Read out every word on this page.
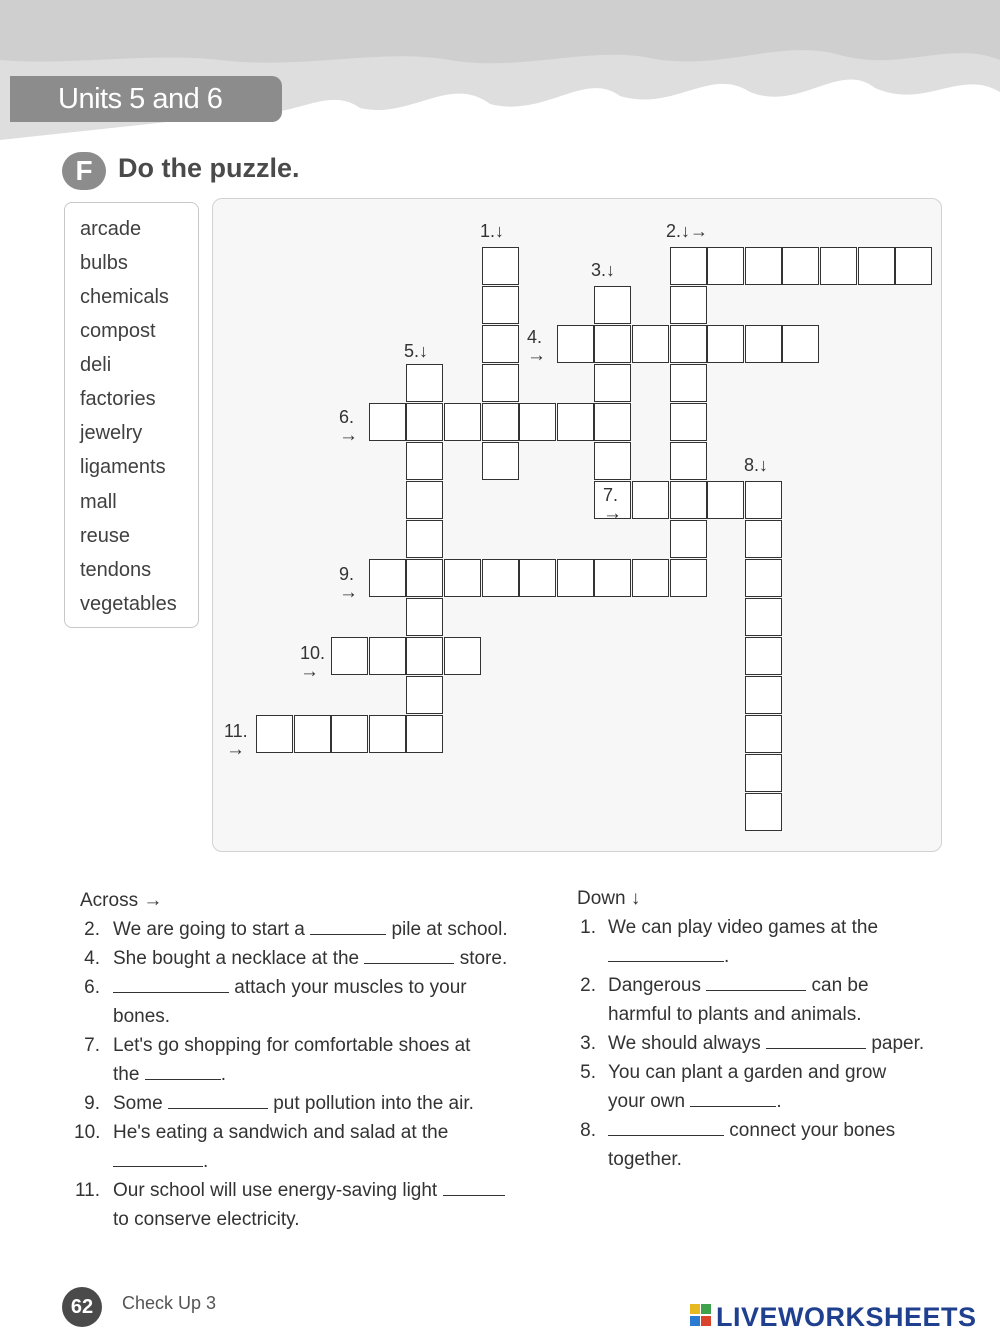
Units 5 and 6
F Do the puzzle.
arcade
bulbs
chemicals
compost
deli
factories
jewelry
ligaments
mall
reuse
tendons
vegetables
1.↓	2.↓→
3.↓
4.
→
5.↓
6.
→
7.
→
8.↓
9.
→
10.
→
11.
→
Across →
2. We are going to start a	pile at school.
4. She bought a necklace at the	store.
6.	attach your muscles to your
bones.
7. Let's go shopping for comfortable shoes at
the	.
9. Some	put pollution into the air.
10. He's eating a sandwich and salad at the
.
11. Our school will use energy-saving light
to conserve electricity.
Down ↓
1. We can play video games at the
.
2. Dangerous	can be
harmful to plants and animals.
3. We should always	paper.
5. You can plant a garden and grow
your own	.
8.	connect your bones
together.
62	Check Up 3	LIVEWORKSHEETS
